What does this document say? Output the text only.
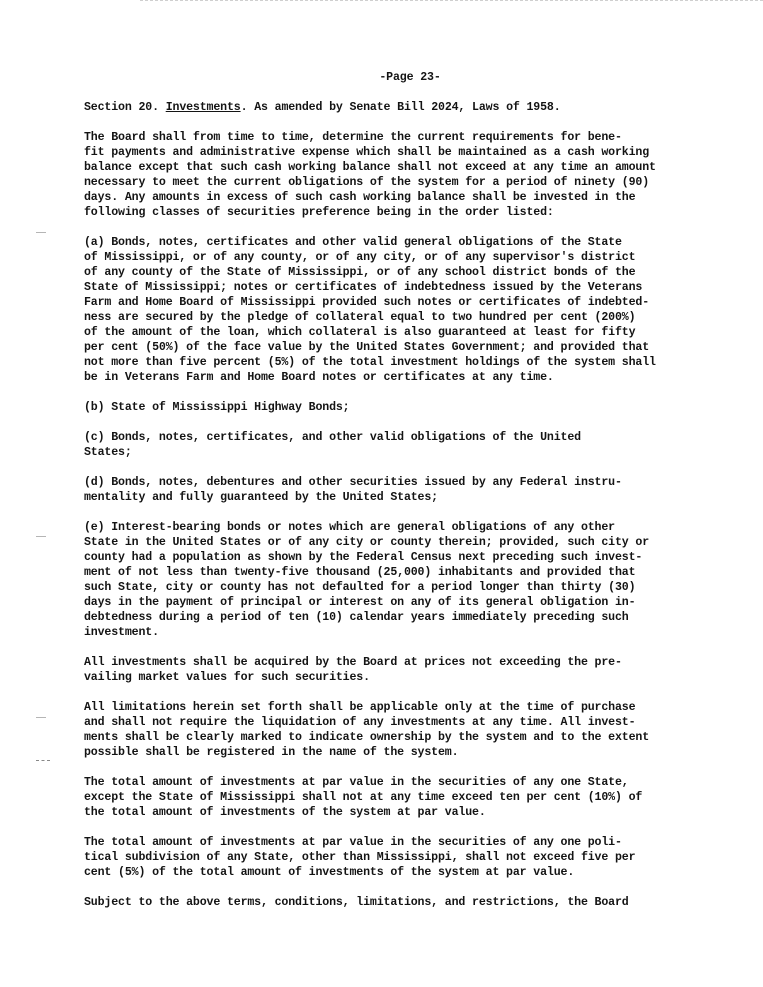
-Page 23-
Section 20. Investments. As amended by Senate Bill 2024, Laws of 1958.
The Board shall from time to time, determine the current requirements for bene-
fit payments and administrative expense which shall be maintained as a cash working
balance except that such cash working balance shall not exceed at any time an amount
necessary to meet the current obligations of the system for a period of ninety (90)
days. Any amounts in excess of such cash working balance shall be invested in the
following classes of securities preference being in the order listed:
(a) Bonds, notes, certificates and other valid general obligations of the State
of Mississippi, or of any county, or of any city, or of any supervisor's district
of any county of the State of Mississippi, or of any school district bonds of the
State of Mississippi; notes or certificates of indebtedness issued by the Veterans
Farm and Home Board of Mississippi provided such notes or certificates of indebted-
ness are secured by the pledge of collateral equal to two hundred per cent (200%)
of the amount of the loan, which collateral is also guaranteed at least for fifty
per cent (50%) of the face value by the United States Government; and provided that
not more than five percent (5%) of the total investment holdings of the system shall
be in Veterans Farm and Home Board notes or certificates at any time.
(b) State of Mississippi Highway Bonds;
(c) Bonds, notes, certificates, and other valid obligations of the United
States;
(d) Bonds, notes, debentures and other securities issued by any Federal instru-
mentality and fully guaranteed by the United States;
(e) Interest-bearing bonds or notes which are general obligations of any other
State in the United States or of any city or county therein; provided, such city or
county had a population as shown by the Federal Census next preceding such invest-
ment of not less than twenty-five thousand (25,000) inhabitants and provided that
such State, city or county has not defaulted for a period longer than thirty (30)
days in the payment of principal or interest on any of its general obligation in-
debtedness during a period of ten (10) calendar years immediately preceding such
investment.
All investments shall be acquired by the Board at prices not exceeding the pre-
vailing market values for such securities.
All limitations herein set forth shall be applicable only at the time of purchase
and shall not require the liquidation of any investments at any time. All invest-
ments shall be clearly marked to indicate ownership by the system and to the extent
possible shall be registered in the name of the system.
The total amount of investments at par value in the securities of any one State,
except the State of Mississippi shall not at any time exceed ten per cent (10%) of
the total amount of investments of the system at par value.
The total amount of investments at par value in the securities of any one poli-
tical subdivision of any State, other than Mississippi, shall not exceed five per
cent (5%) of the total amount of investments of the system at par value.
Subject to the above terms, conditions, limitations, and restrictions, the Board
